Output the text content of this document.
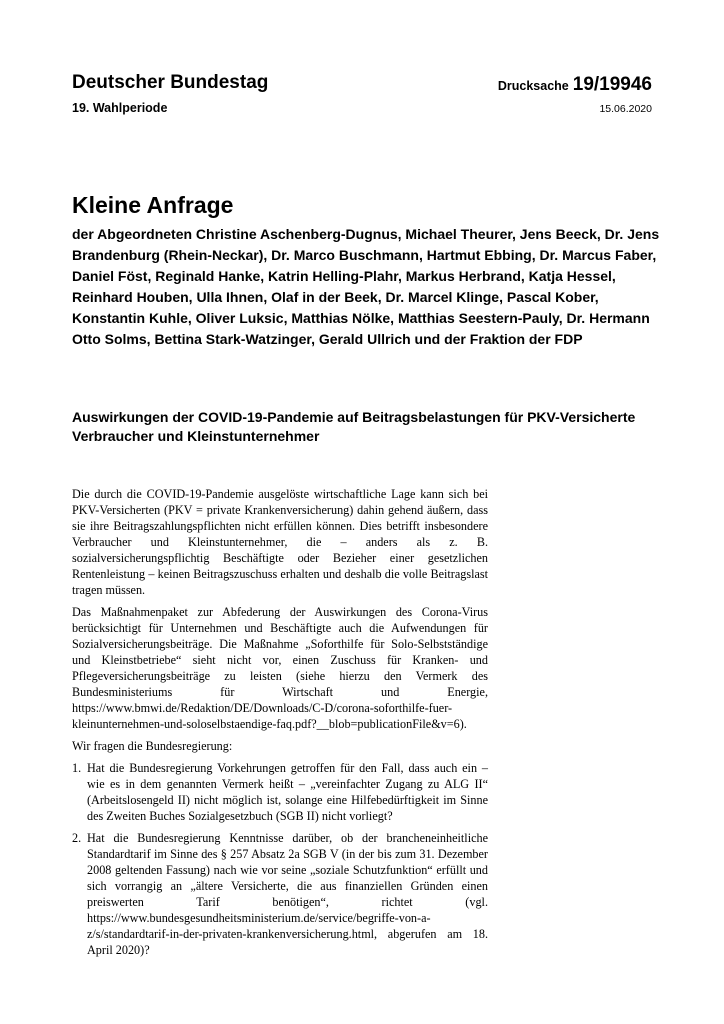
Deutscher Bundestag
19. Wahlperiode
Drucksache 19/19946
15.06.2020
Kleine Anfrage
der Abgeordneten Christine Aschenberg-Dugnus, Michael Theurer, Jens Beeck, Dr. Jens Brandenburg (Rhein-Neckar), Dr. Marco Buschmann, Hartmut Ebbing, Dr. Marcus Faber, Daniel Föst, Reginald Hanke, Katrin Helling-Plahr, Markus Herbrand, Katja Hessel, Reinhard Houben, Ulla Ihnen, Olaf in der Beek, Dr. Marcel Klinge, Pascal Kober, Konstantin Kuhle, Oliver Luksic, Matthias Nölke, Matthias Seestern-Pauly, Dr. Hermann Otto Solms, Bettina Stark-Watzinger, Gerald Ullrich und der Fraktion der FDP
Auswirkungen der COVID-19-Pandemie auf Beitragsbelastungen für PKV-Versicherte Verbraucher und Kleinstunternehmer

Die durch die COVID-19-Pandemie ausgelöste wirtschaftliche Lage kann sich bei PKV-Versicherten (PKV = private Krankenversicherung) dahin gehend äußern, dass sie ihre Beitragszahlungspflichten nicht erfüllen können. Dies betrifft insbesondere Verbraucher und Kleinstunternehmer, die – anders als z. B. sozialversicherungspflichtig Beschäftigte oder Bezieher einer gesetzlichen Rentenleistung – keinen Beitragszuschuss erhalten und deshalb die volle Beitragslast tragen müssen.

Das Maßnahmenpaket zur Abfederung der Auswirkungen des Corona-Virus berücksichtigt für Unternehmen und Beschäftigte auch die Aufwendungen für Sozialversicherungsbeiträge. Die Maßnahme „Soforthilfe für Solo-Selbstständige und Kleinstbetriebe“ sieht nicht vor, einen Zuschuss für Kranken- und Pflegeversicherungsbeiträge zu leisten (siehe hierzu den Vermerk des Bundesministeriums für Wirtschaft und Energie, https://www.bmwi.de/Redaktion/DE/Downloads/C-D/corona-soforthilfe-fuer-kleinunternehmen-und-soloselbstaendige-faq.pdf?__blob=publicationFile&v=6).

Wir fragen die Bundesregierung:

1. Hat die Bundesregierung Vorkehrungen getroffen für den Fall, dass auch ein – wie es in dem genannten Vermerk heißt – „vereinfachter Zugang zu ALG II“ (Arbeitslosengeld II) nicht möglich ist, solange eine Hilfebedürftigkeit im Sinne des Zweiten Buches Sozialgesetzbuch (SGB II) nicht vorliegt?
2. Hat die Bundesregierung Kenntnisse darüber, ob der brancheneinheitliche Standardtarif im Sinne des § 257 Absatz 2a SGB V (in der bis zum 31. Dezember 2008 geltenden Fassung) nach wie vor seine „soziale Schutzfunktion“ erfüllt und sich vorrangig an „ältere Versicherte, die aus finanziellen Gründen einen preiswerten Tarif benötigen“, richtet (vgl. https://www.bundesgesundheitsministerium.de/service/begriffe-von-a-z/s/standardtarif-in-der-privaten-krankenversicherung.html, abgerufen am 18. April 2020)?
